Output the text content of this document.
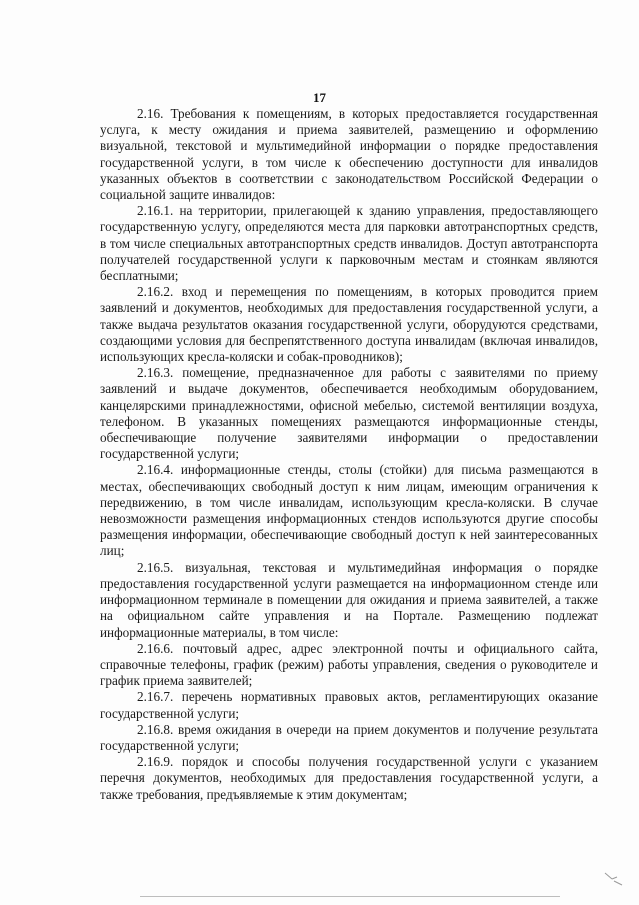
17

2.16. Требования к помещениям, в которых предоставляется государственная услуга, к месту ожидания и приема заявителей, размещению и оформлению визуальной, текстовой и мультимедийной информации о порядке предоставления государственной услуги, в том числе к обеспечению доступности для инвалидов указанных объектов в соответствии с законодательством Российской Федерации о социальной защите инвалидов:

2.16.1. на территории, прилегающей к зданию управления, предоставляющего государственную услугу, определяются места для парковки автотранспортных средств, в том числе специальных автотранспортных средств инвалидов. Доступ автотранспорта получателей государственной услуги к парковочным местам и стоянкам являются бесплатными;

2.16.2. вход и перемещения по помещениям, в которых проводится прием заявлений и документов, необходимых для предоставления государственной услуги, а также выдача результатов оказания государственной услуги, оборудуются средствами, создающими условия для беспрепятственного доступа инвалидам (включая инвалидов, использующих кресла-коляски и собак-проводников);

2.16.3. помещение, предназначенное для работы с заявителями по приему заявлений и выдаче документов, обеспечивается необходимым оборудованием, канцелярскими принадлежностями, офисной мебелью, системой вентиляции воздуха, телефоном. В указанных помещениях размещаются информационные стенды, обеспечивающие получение заявителями информации о предоставлении государственной услуги;

2.16.4. информационные стенды, столы (стойки) для письма размещаются в местах, обеспечивающих свободный доступ к ним лицам, имеющим ограничения к передвижению, в том числе инвалидам, использующим кресла-коляски. В случае невозможности размещения информационных стендов используются другие способы размещения информации, обеспечивающие свободный доступ к ней заинтересованных лиц;

2.16.5. визуальная, текстовая и мультимедийная информация о порядке предоставления государственной услуги размещается на информационном стенде или информационном терминале в помещении для ожидания и приема заявителей, а также на официальном сайте управления и на Портале. Размещению подлежат информационные материалы, в том числе:

2.16.6. почтовый адрес, адрес электронной почты и официального сайта, справочные телефоны, график (режим) работы управления, сведения о руководителе и график приема заявителей;

2.16.7. перечень нормативных правовых актов, регламентирующих оказание государственной услуги;

2.16.8. время ожидания в очереди на прием документов и получение результата государственной услуги;

2.16.9. порядок и способы получения государственной услуги с указанием перечня документов, необходимых для предоставления государственной услуги, а также требования, предъявляемые к этим документам;
